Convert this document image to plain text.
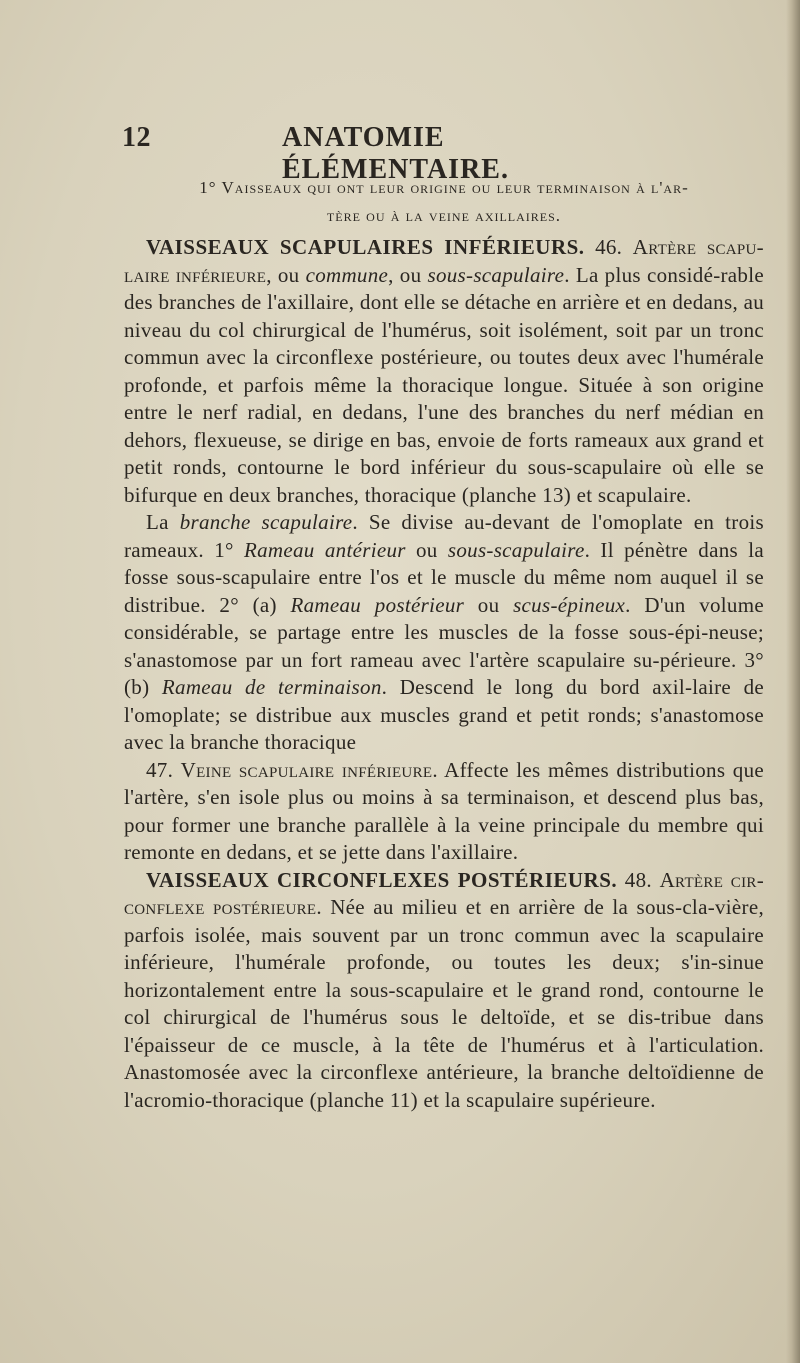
12	ANATOMIE ÉLÉMENTAIRE.
1° Vaisseaux qui ont leur origine ou leur terminaison à l'ar-
tère ou à la veine axillaires.

VAISSEAUX SCAPULAIRES INFÉRIEURS. 46. Artère scapu-laire inférieure, ou commune, ou sous-scapulaire. La plus considé-rable des branches de l'axillaire, dont elle se détache en arrière et en dedans, au niveau du col chirurgical de l'humérus, soit isolément, soit par un tronc commun avec la circonflexe postérieure, ou toutes deux avec l'humérale profonde, et parfois même la thoracique longue. Située à son origine entre le nerf radial, en dedans, l'une des branches du nerf médian en dehors, flexueuse, se dirige en bas, envoie de forts rameaux aux grand et petit ronds, contourne le bord inférieur du sous-scapulaire où elle se bifurque en deux branches, thoracique (planche 13) et scapulaire.

La branche scapulaire. Se divise au-devant de l'omoplate en trois rameaux. 1° Rameau antérieur ou sous-scapulaire. Il pénètre dans la fosse sous-scapulaire entre l'os et le muscle du même nom auquel il se distribue. 2° (a) Rameau postérieur ou scus-épineux. D'un volume considérable, se partage entre les muscles de la fosse sous-épi-neuse; s'anastomose par un fort rameau avec l'artère scapulaire su-périeure. 3° (b) Rameau de terminaison. Descend le long du bord axil-laire de l'omoplate; se distribue aux muscles grand et petit ronds; s'anastomose avec la branche thoracique

47. Veine scapulaire inférieure. Affecte les mêmes distributions que l'artère, s'en isole plus ou moins à sa terminaison, et descend plus bas, pour former une branche parallèle à la veine principale du membre qui remonte en dedans, et se jette dans l'axillaire.

VAISSEAUX CIRCONFLEXES POSTÉRIEURS. 48. Artère cir-conflexe postérieure. Née au milieu et en arrière de la sous-cla-vière, parfois isolée, mais souvent par un tronc commun avec la scapulaire inférieure, l'humérale profonde, ou toutes les deux; s'in-sinue horizontalement entre la sous-scapulaire et le grand rond, contourne le col chirurgical de l'humérus sous le deltoïde, et se dis-tribue dans l'épaisseur de ce muscle, à la tête de l'humérus et à l'articulation. Anastomosée avec la circonflexe antérieure, la branche deltoïdienne de l'acromio-thoracique (planche 11) et la scapulaire supérieure.
